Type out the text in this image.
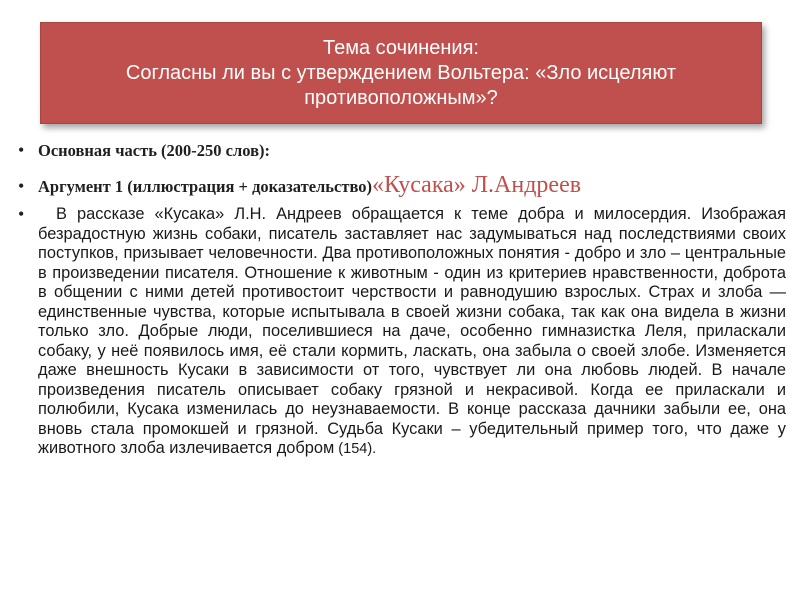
Тема сочинения:
Согласны ли вы с утверждением Вольтера: «Зло исцеляют
противоположным»?
• Основная часть (200-250 слов):
• Аргумент 1 (иллюстрация + доказательство)«Кусака» Л.Андреев
•	В рассказе «Кусака» Л.Н. Андреев обращается к теме добра и милосердия. Изображая безрадостную жизнь собаки, писатель заставляет нас задумываться над последствиями своих поступков, призывает человечности. Два противоположных понятия - добро и зло – центральные в произведении писателя. Отношение к животным - один из критериев нравственности, доброта в общении с ними детей противостоит черствости и равнодушию взрослых. Страх и злоба — единственные чувства, которые испытывала в своей жизни собака, так как она видела в жизни только зло. Добрые люди, поселившиеся на даче, особенно гимназистка Леля, приласкали собаку, у неё появилось имя, её стали кормить, ласкать, она забыла о своей злобе. Изменяется даже внешность Кусаки в зависимости от того, чувствует ли она любовь людей. В начале произведения писатель описывает собаку грязной и некрасивой. Когда ее приласкали и полюбили, Кусака изменилась до неузнаваемости. В конце рассказа дачники забыли ее, она вновь стала промокшей и грязной. Судьба Кусаки – убедительный пример того, что даже у животного злоба излечивается добром (154).
